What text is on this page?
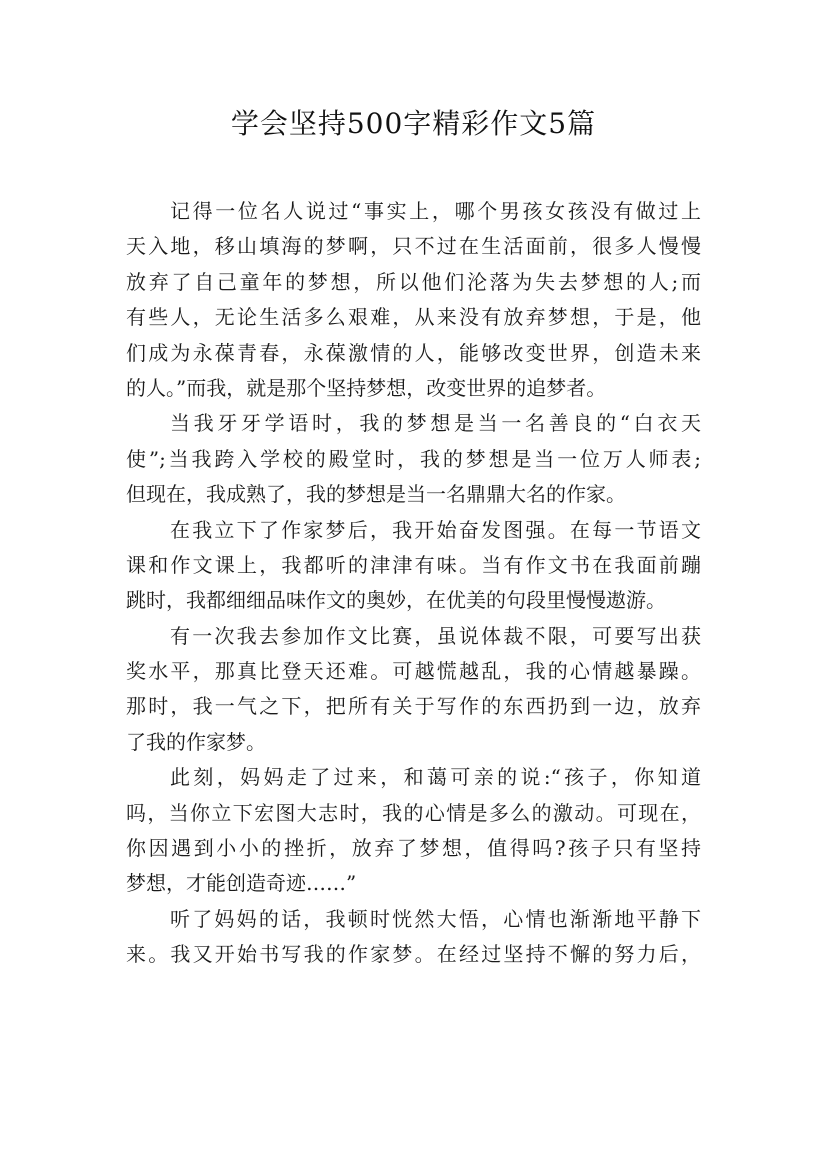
学会坚持500字精彩作文5篇
记得一位名人说过“事实上，哪个男孩女孩没有做过上
天入地，移山填海的梦啊，只不过在生活面前，很多人慢慢
放弃了自己童年的梦想，所以他们沦落为失去梦想的人;而
有些人，无论生活多么艰难，从来没有放弃梦想，于是，他
们成为永葆青春，永葆激情的人，能够改变世界，创造未来
的人。”而我，就是那个坚持梦想，改变世界的追梦者。
当我牙牙学语时，我的梦想是当一名善良的“白衣天
使”;当我跨入学校的殿堂时，我的梦想是当一位万人师表;
但现在，我成熟了，我的梦想是当一名鼎鼎大名的作家。
在我立下了作家梦后，我开始奋发图强。在每一节语文
课和作文课上，我都听的津津有味。当有作文书在我面前蹦
跳时，我都细细品味作文的奥妙，在优美的句段里慢慢遨游。
有一次我去参加作文比赛，虽说体裁不限，可要写出获
奖水平，那真比登天还难。可越慌越乱，我的心情越暴躁。
那时，我一气之下，把所有关于写作的东西扔到一边，放弃
了我的作家梦。
此刻，妈妈走了过来，和蔼可亲的说:“孩子，你知道
吗，当你立下宏图大志时，我的心情是多么的激动。可现在，
你因遇到小小的挫折，放弃了梦想，值得吗?孩子只有坚持
梦想，才能创造奇迹……”
听了妈妈的话，我顿时恍然大悟，心情也渐渐地平静下
来。我又开始书写我的作家梦。在经过坚持不懈的努力后，
